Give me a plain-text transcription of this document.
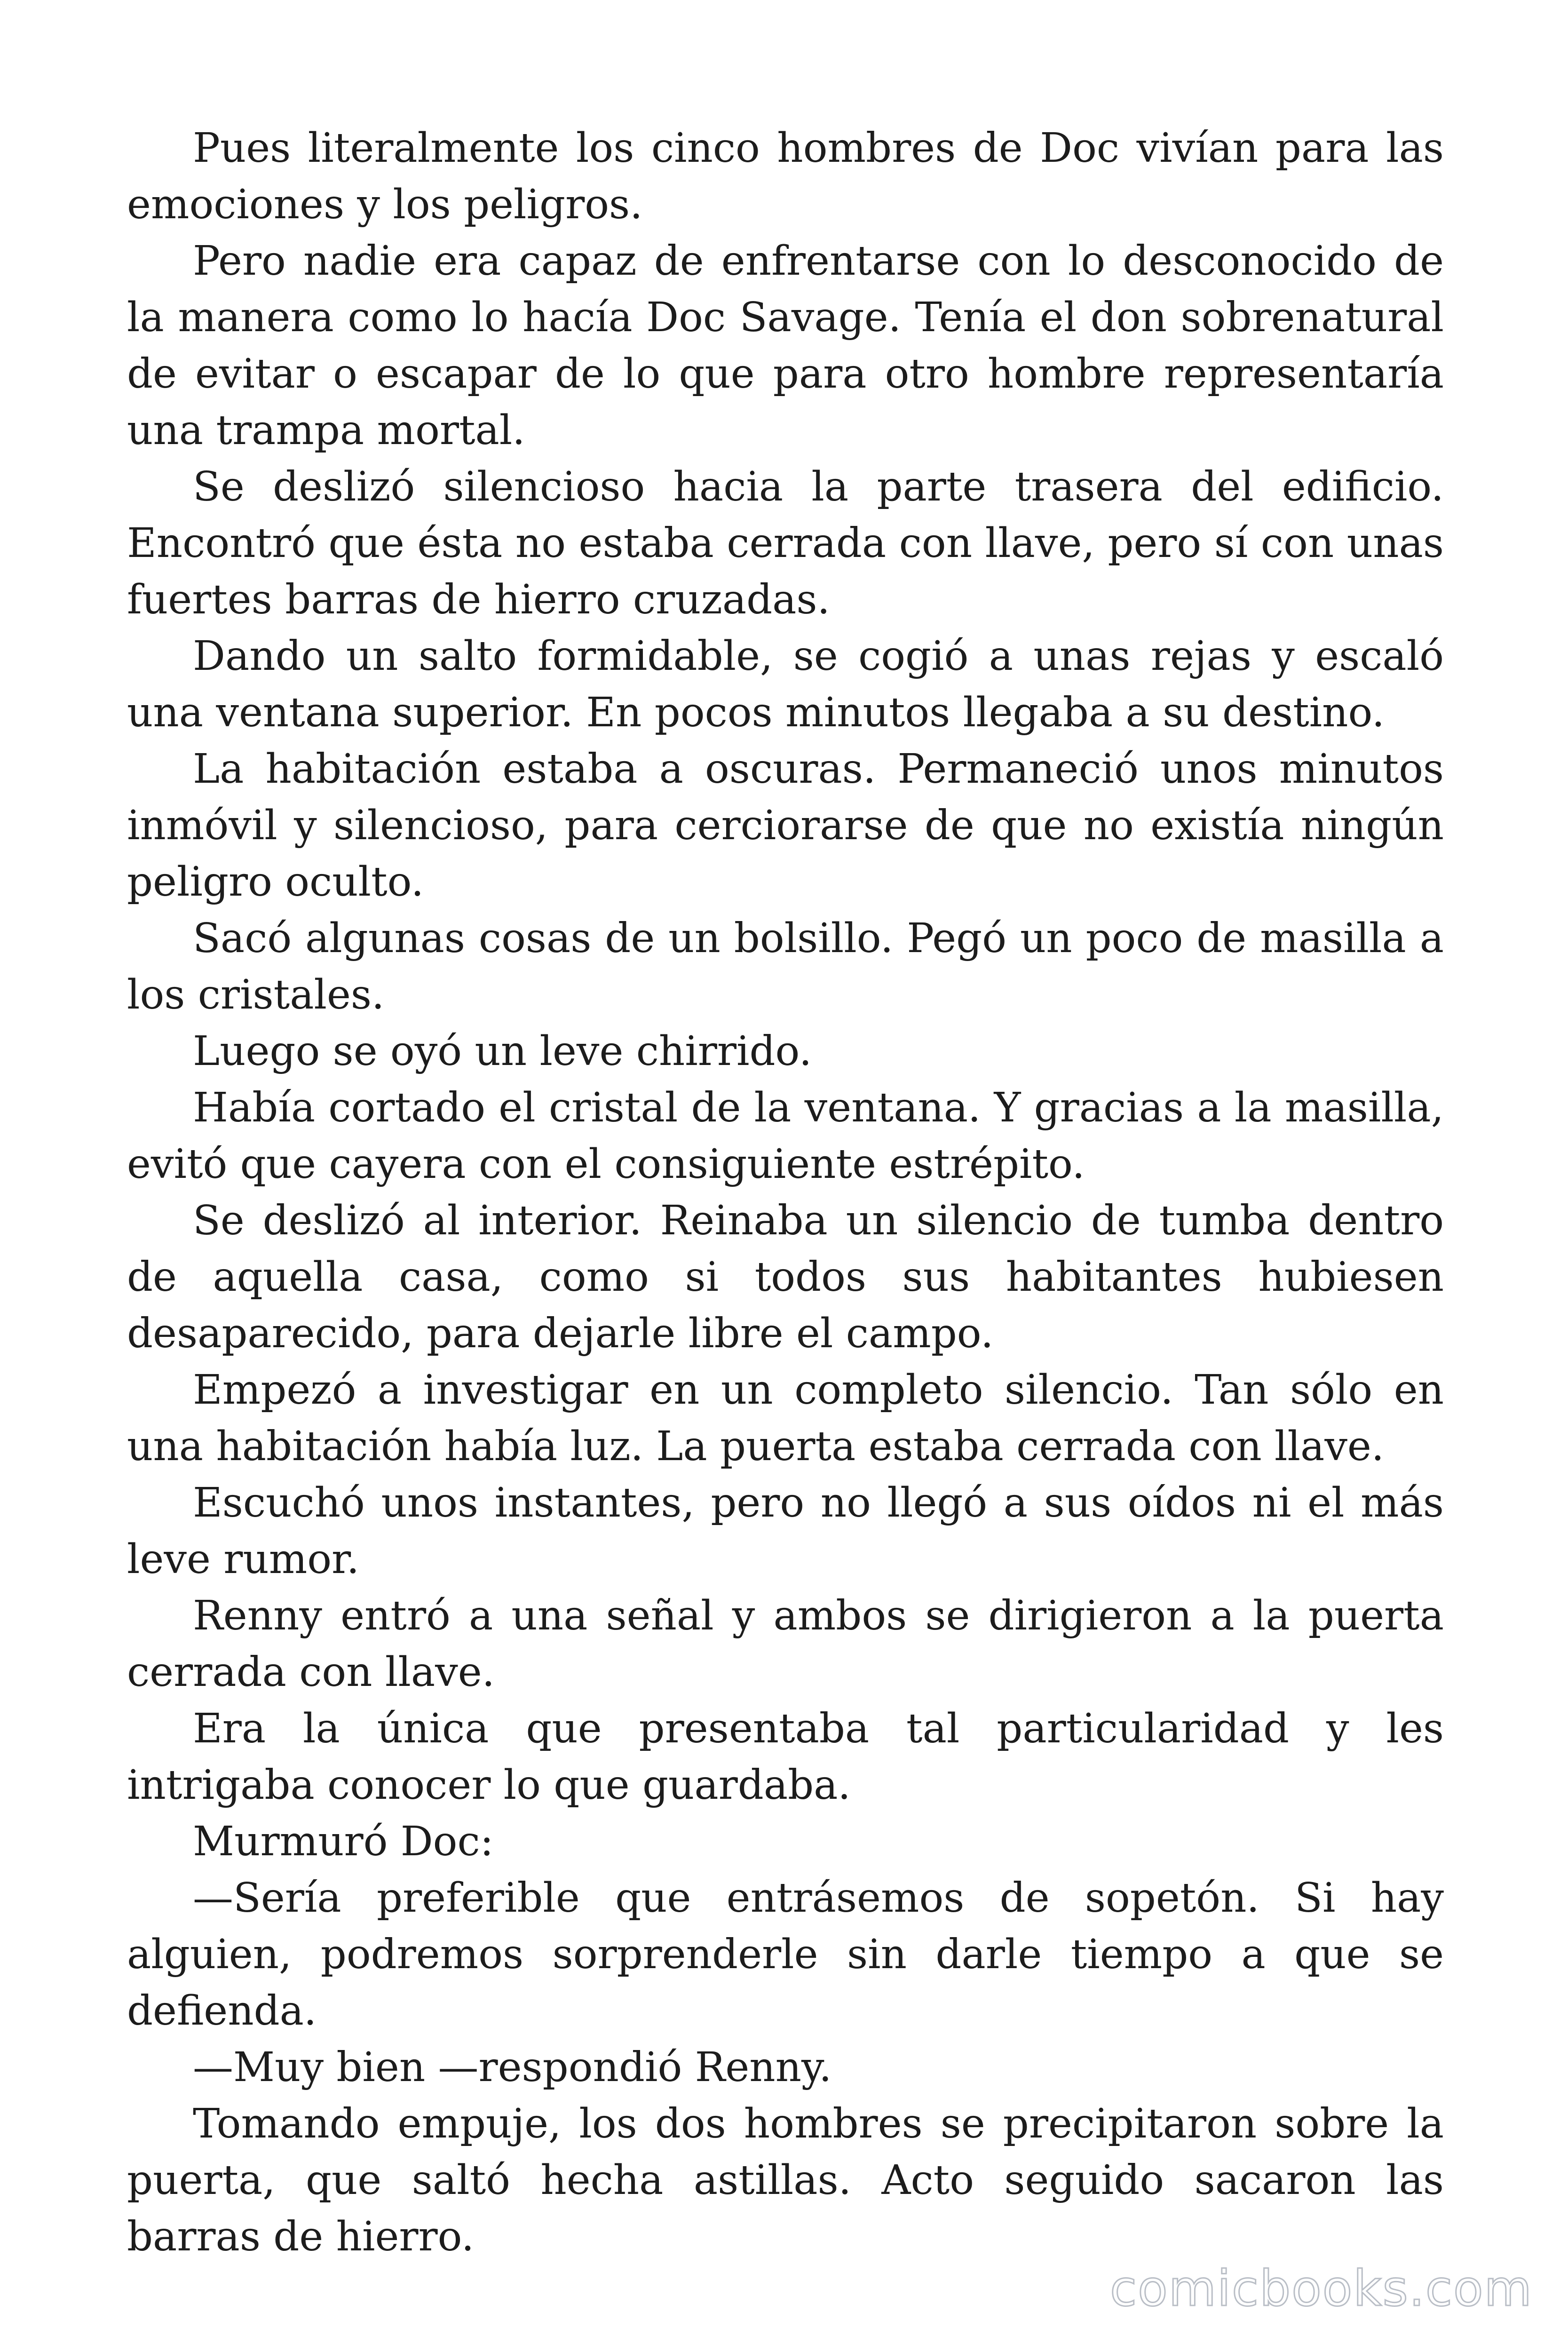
Pues literalmente los cinco hombres de Doc vivían para las emociones y los peligros.

Pero nadie era capaz de enfrentarse con lo desconocido de la manera como lo hacía Doc Savage. Tenía el don sobrenatural de evitar o escapar de lo que para otro hombre representaría una trampa mortal.

Se deslizó silencioso hacia la parte trasera del edificio. Encontró que ésta no estaba cerrada con llave, pero sí con unas fuertes barras de hierro cruzadas.

Dando un salto formidable, se cogió a unas rejas y escaló una ventana superior. En pocos minutos llegaba a su destino.

La habitación estaba a oscuras. Permaneció unos minutos inmóvil y silencioso, para cerciorarse de que no existía ningún peligro oculto.

Sacó algunas cosas de un bolsillo. Pegó un poco de masilla a los cristales.

Luego se oyó un leve chirrido.

Había cortado el cristal de la ventana. Y gracias a la masilla, evitó que cayera con el consiguiente estrépito.

Se deslizó al interior. Reinaba un silencio de tumba dentro de aquella casa, como si todos sus habitantes hubiesen desaparecido, para dejarle libre el campo.

Empezó a investigar en un completo silencio. Tan sólo en una habitación había luz. La puerta estaba cerrada con llave.

Escuchó unos instantes, pero no llegó a sus oídos ni el más leve rumor.

Renny entró a una señal y ambos se dirigieron a la puerta cerrada con llave.

Era la única que presentaba tal particularidad y les intrigaba conocer lo que guardaba.

Murmuró Doc:

—Sería preferible que entrásemos de sopetón. Si hay alguien, podremos sorprenderle sin darle tiempo a que se defienda.

—Muy bien —respondió Renny.

Tomando empuje, los dos hombres se precipitaron sobre la puerta, que saltó hecha astillas. Acto seguido sacaron las barras de hierro.

comicbooks.com
